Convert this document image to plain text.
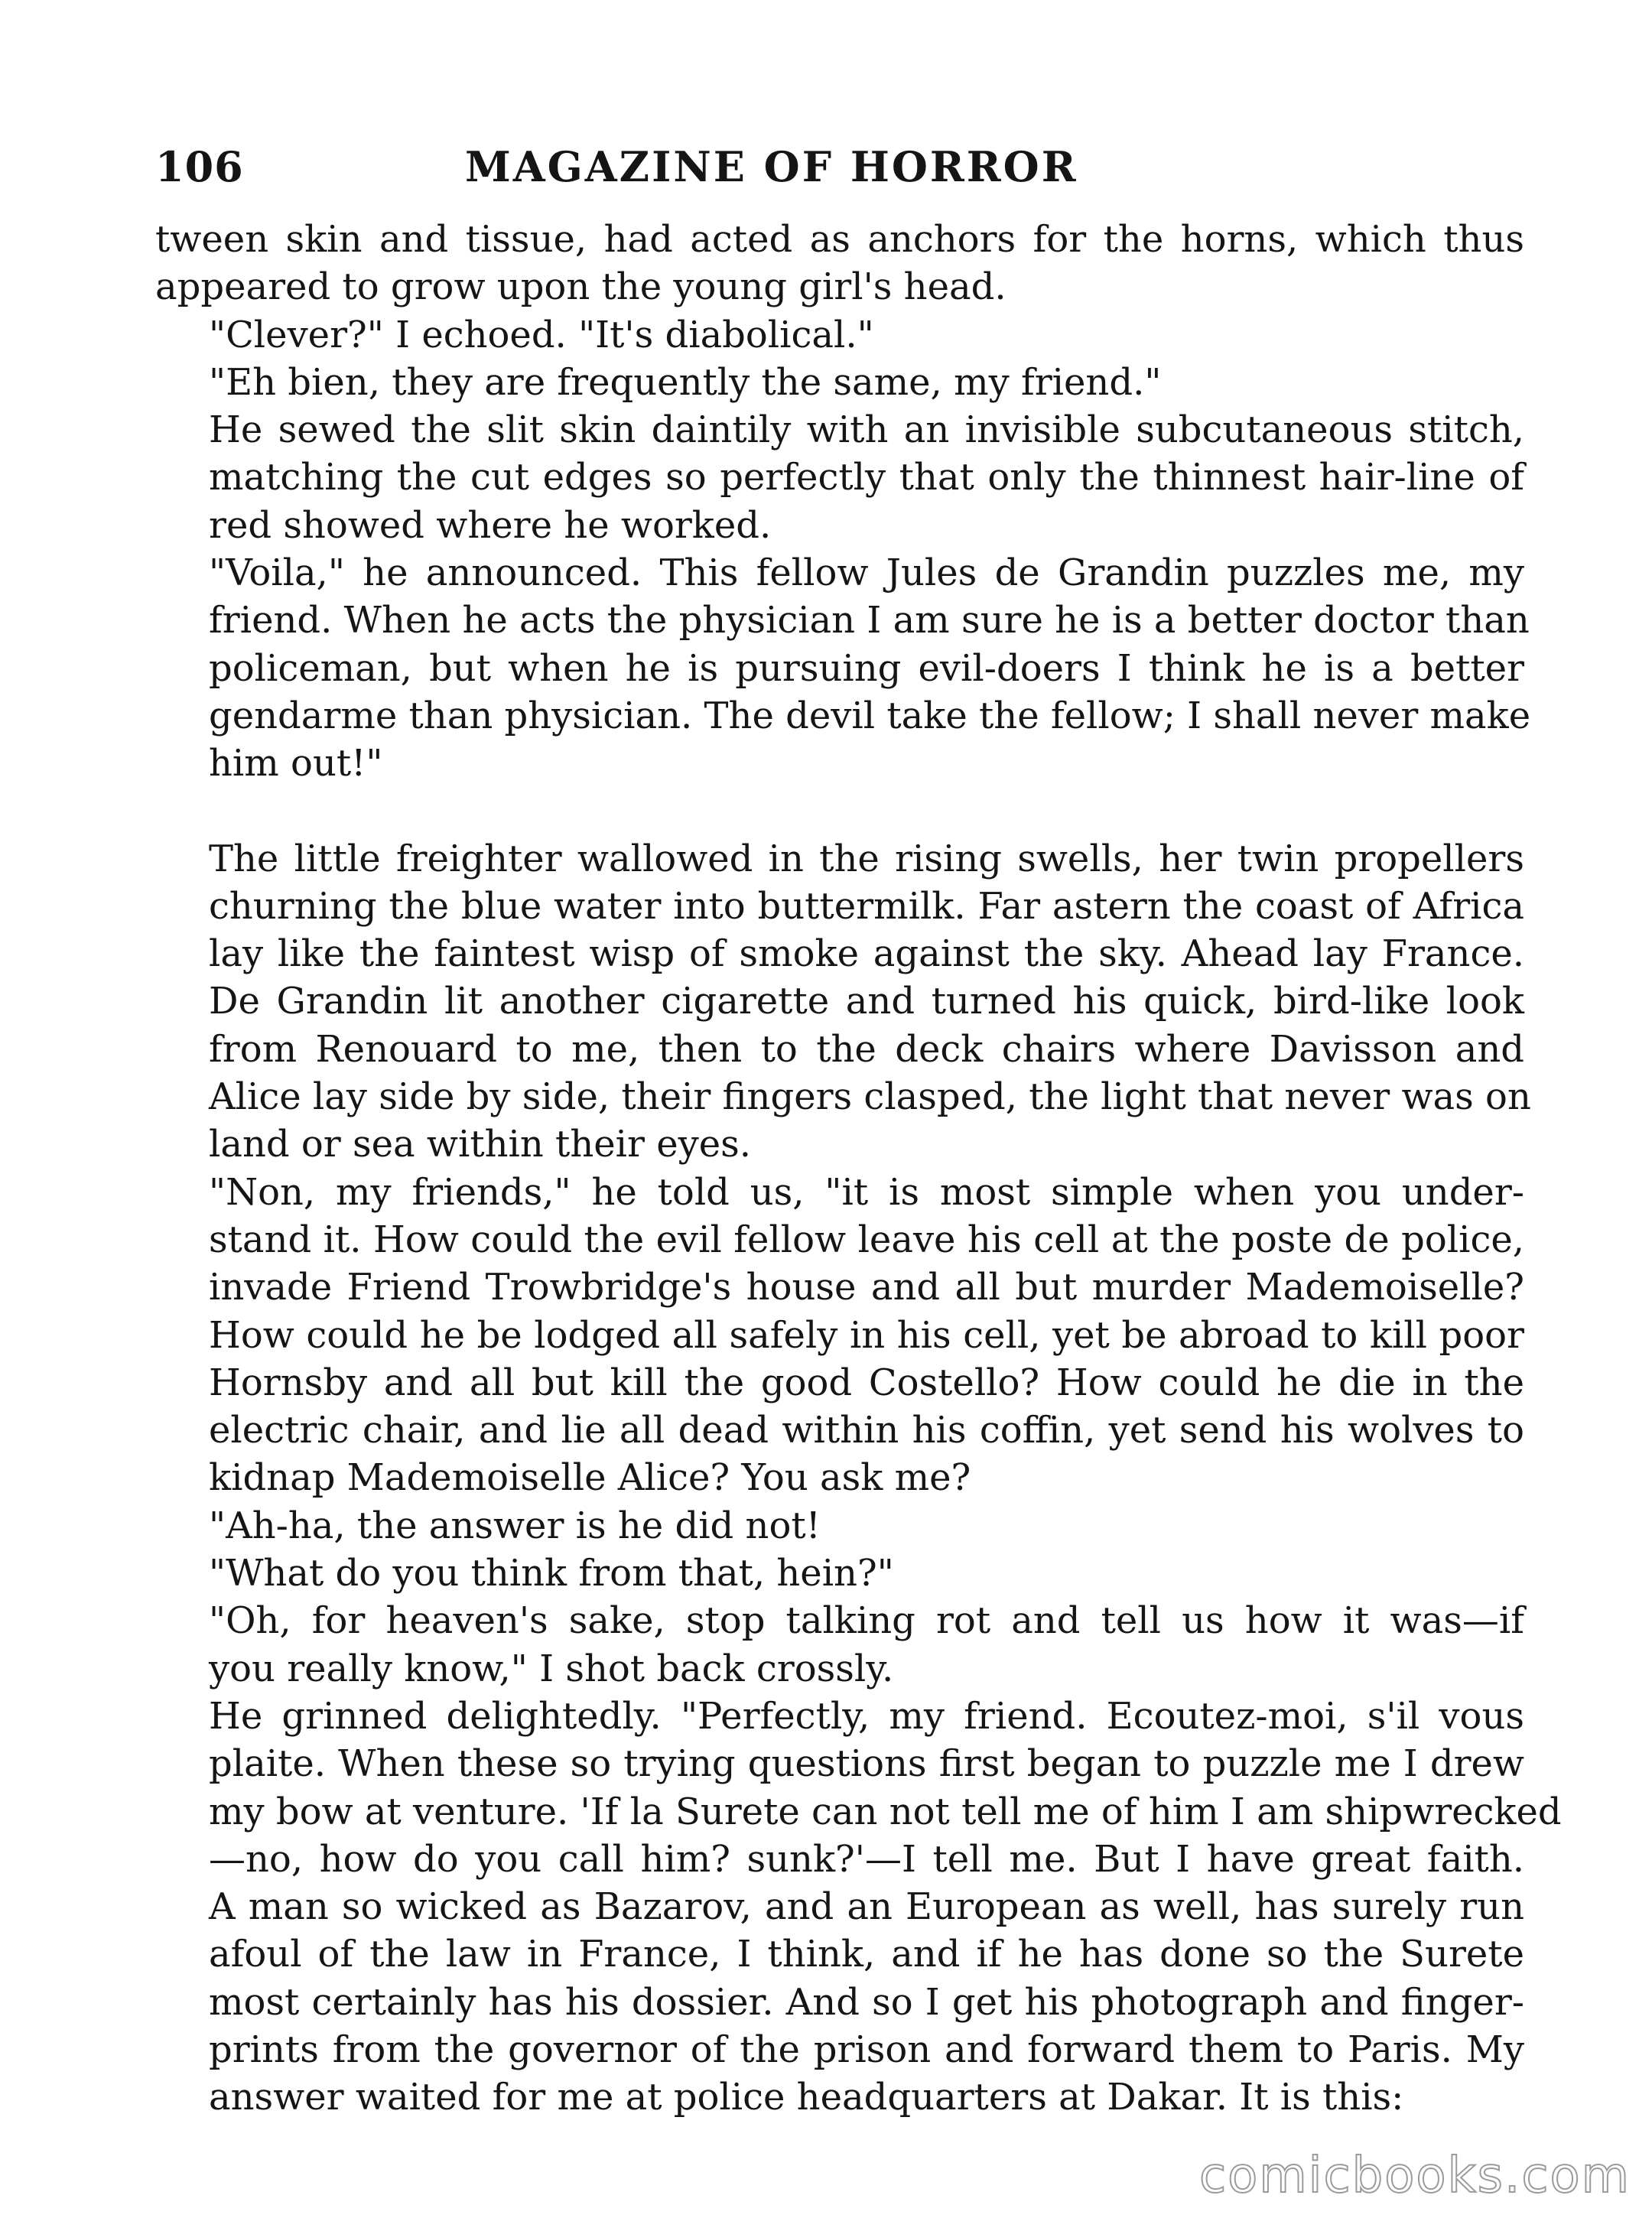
106	MAGAZINE OF HORROR
tween skin and tissue, had acted as anchors for the horns, which thus
appeared to grow upon the young girl's head.
"Clever?" I echoed. "It's diabolical."
"Eh bien, they are frequently the same, my friend."
He sewed the slit skin daintily with an invisible subcutaneous stitch,
matching the cut edges so perfectly that only the thinnest hair-line of
red showed where he worked.
"Voila," he announced. This fellow Jules de Grandin puzzles me, my
friend. When he acts the physician I am sure he is a better doctor than
policeman, but when he is pursuing evil-doers I think he is a better
gendarme than physician. The devil take the fellow; I shall never make
him out!"
The little freighter wallowed in the rising swells, her twin propellers
churning the blue water into buttermilk. Far astern the coast of Africa
lay like the faintest wisp of smoke against the sky. Ahead lay France.
De Grandin lit another cigarette and turned his quick, bird-like look
from Renouard to me, then to the deck chairs where Davisson and
Alice lay side by side, their fingers clasped, the light that never was on
land or sea within their eyes.
"Non, my friends," he told us, "it is most simple when you under-
stand it. How could the evil fellow leave his cell at the poste de police,
invade Friend Trowbridge's house and all but murder Mademoiselle?
How could he be lodged all safely in his cell, yet be abroad to kill poor
Hornsby and all but kill the good Costello? How could he die in the
electric chair, and lie all dead within his coffin, yet send his wolves to
kidnap Mademoiselle Alice? You ask me?
"Ah-ha, the answer is he did not!
"What do you think from that, hein?"
"Oh, for heaven's sake, stop talking rot and tell us how it was—if
you really know," I shot back crossly.
He grinned delightedly. "Perfectly, my friend. Ecoutez-moi, s'il vous
plaite. When these so trying questions first began to puzzle me I drew
my bow at venture. 'If la Surete can not tell me of him I am shipwrecked
—no, how do you call him? sunk?'—I tell me. But I have great faith.
A man so wicked as Bazarov, and an European as well, has surely run
afoul of the law in France, I think, and if he has done so the Surete
most certainly has his dossier. And so I get his photograph and finger-
prints from the governor of the prison and forward them to Paris. My
answer waited for me at police headquarters at Dakar. It is this:
comicbooks.com
